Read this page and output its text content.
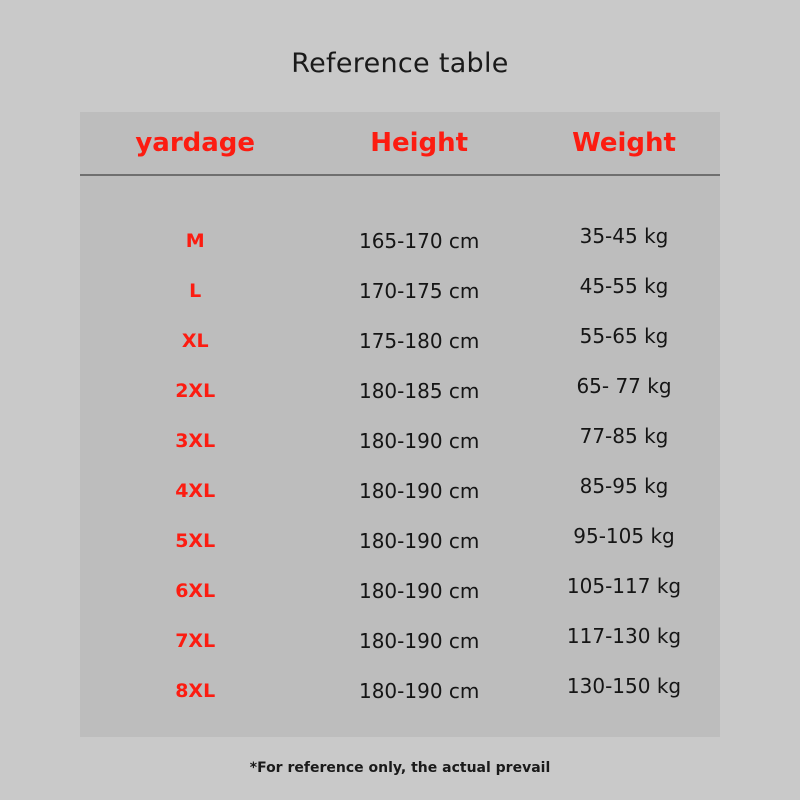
Reference table
yardage	Height	Weight

M	165-170 cm	35-45 kg
L	170-175 cm	45-55 kg
XL	175-180 cm	55-65 kg
2XL	180-185 cm	65- 77 kg
3XL	180-190 cm	77-85 kg
4XL	180-190 cm	85-95 kg
5XL	180-190 cm	95-105 kg
6XL	180-190 cm	105-117 kg
7XL	180-190 cm	117-130 kg
8XL	180-190 cm	130-150 kg
*For reference only, the actual prevail
